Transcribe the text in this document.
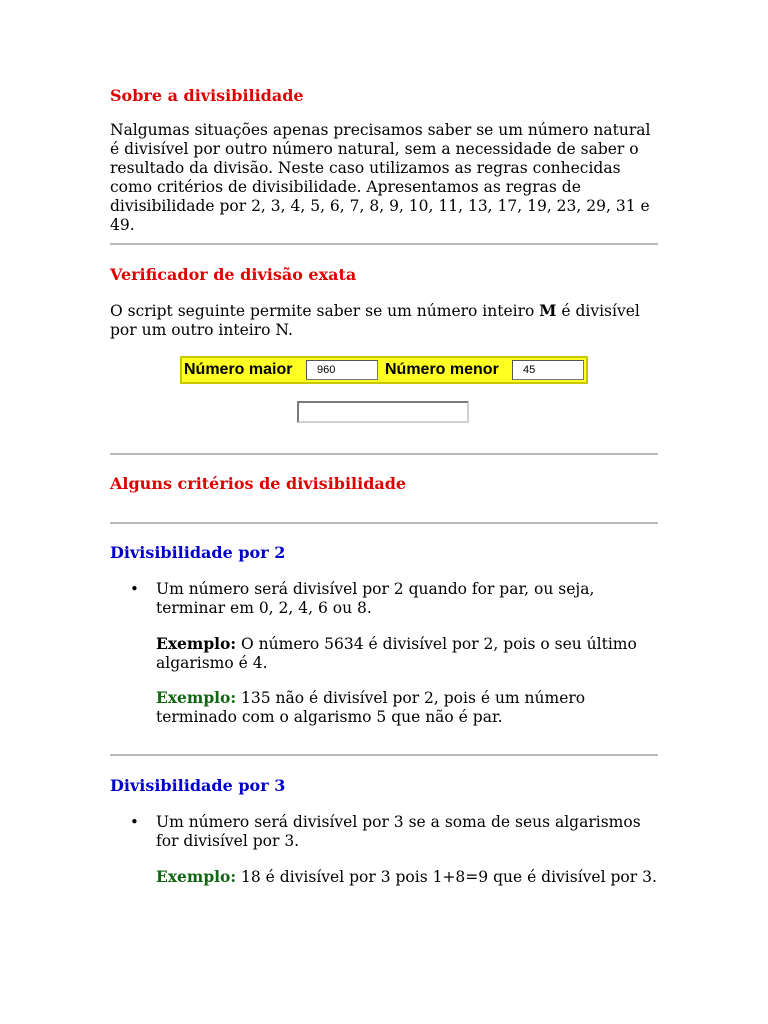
Sobre a divisibilidade

Nalgumas situações apenas precisamos saber se um número natural é divisível por outro número natural, sem a necessidade de saber o resultado da divisão. Neste caso utilizamos as regras conhecidas como critérios de divisibilidade. Apresentamos as regras de divisibilidade por 2, 3, 4, 5, 6, 7, 8, 9, 10, 11, 13, 17, 19, 23, 29, 31 e 49.

Verificador de divisão exata

O script seguinte permite saber se um número inteiro M é divisível por um outro inteiro N.

Número maior
960	Número menor
45
Alguns critérios de divisibilidade
Divisibilidade por 2
• Um número será divisível por 2 quando for par, ou seja, terminar em 0, 2, 4, 6 ou 8.

Exemplo: O número 5634 é divisível por 2, pois o seu último algarismo é 4.

Exemplo: 135 não é divisível por 2, pois é um número terminado com o algarismo 5 que não é par.

Divisibilidade por 3
• Um número será divisível por 3 se a soma de seus algarismos for divisível por 3.

Exemplo: 18 é divisível por 3 pois 1+8=9 que é divisível por 3.
